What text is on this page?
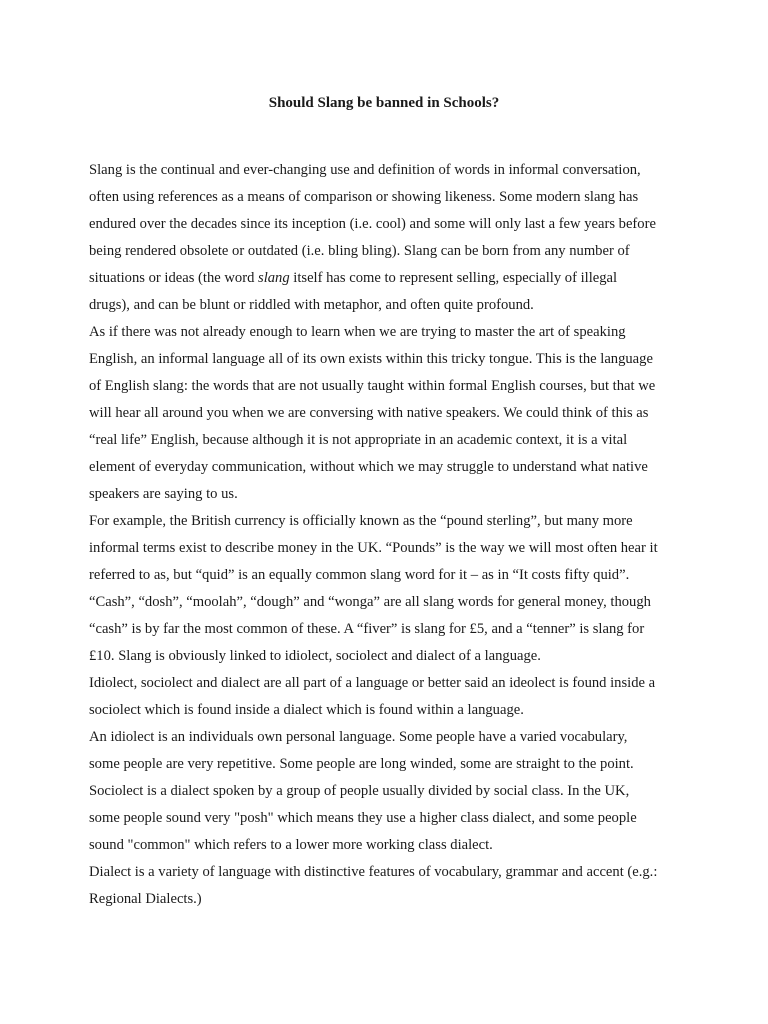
Should Slang be banned in Schools?

Slang is the continual and ever-changing use and definition of words in informal conversation,
often using references as a means of comparison or showing likeness. Some modern slang has
endured over the decades since its inception (i.e. cool) and some will only last a few years before
being rendered obsolete or outdated (i.e. bling bling). Slang can be born from any number of
situations or ideas (the word slang itself has come to represent selling, especially of illegal
drugs), and can be blunt or riddled with metaphor, and often quite profound.

As if there was not already enough to learn when we are trying to master the art of speaking
English, an informal language all of its own exists within this tricky tongue. This is the language
of English slang: the words that are not usually taught within formal English courses, but that we
will hear all around you when we are conversing with native speakers. We could think of this as
“real life” English, because although it is not appropriate in an academic context, it is a vital
element of everyday communication, without which we may struggle to understand what native
speakers are saying to us.

For example, the British currency is officially known as the “pound sterling”, but many more
informal terms exist to describe money in the UK. “Pounds” is the way we will most often hear it
referred to as, but “quid” is an equally common slang word for it – as in “It costs fifty quid”.
“Cash”, “dosh”, “moolah”, “dough” and “wonga” are all slang words for general money, though
“cash” is by far the most common of these. A “fiver” is slang for £5, and a “tenner” is slang for
£10. Slang is obviously linked to idiolect, sociolect and dialect of a language.

Idiolect, sociolect and dialect are all part of a language or better said an ideolect is found inside a
sociolect which is found inside a dialect which is found within a language.

An idiolect is an individuals own personal language. Some people have a varied vocabulary,
some people are very repetitive. Some people are long winded, some are straight to the point.

Sociolect is a dialect spoken by a group of people usually divided by social class. In the UK,
some people sound very "posh" which means they use a higher class dialect, and some people
sound "common" which refers to a lower more working class dialect.

Dialect is a variety of language with distinctive features of vocabulary, grammar and accent (e.g.:
Regional Dialects.)
